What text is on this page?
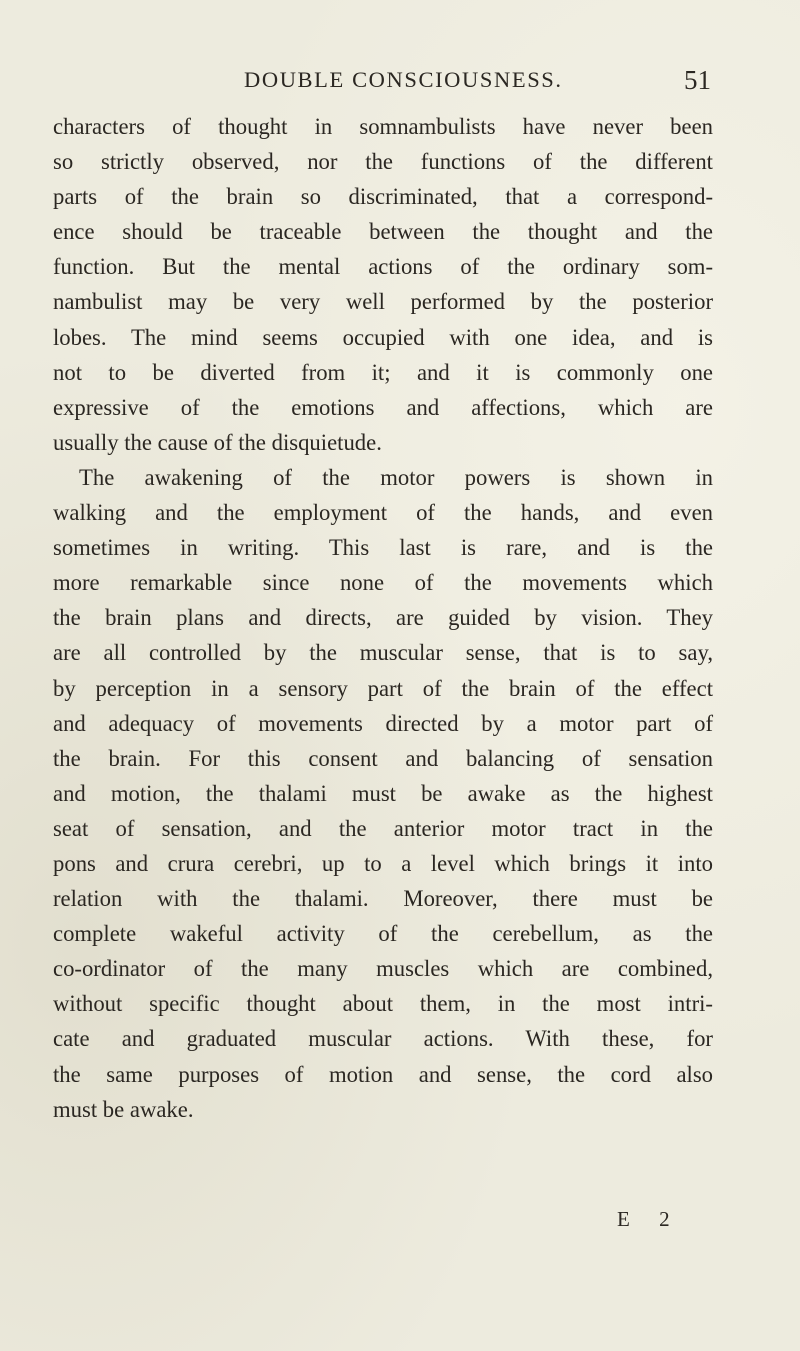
DOUBLE CONSCIOUSNESS.	51
characters of thought in somnambulists have never been
so strictly observed, nor the functions of the different
parts of the brain so discriminated, that a correspond-
ence should be traceable between the thought and the
function. But the mental actions of the ordinary som-
nambulist may be very well performed by the posterior
lobes. The mind seems occupied with one idea, and is
not to be diverted from it; and it is commonly one
expressive of the emotions and affections, which are
usually the cause of the disquietude.
The awakening of the motor powers is shown in
walking and the employment of the hands, and even
sometimes in writing. This last is rare, and is the
more remarkable since none of the movements which
the brain plans and directs, are guided by vision. They
are all controlled by the muscular sense, that is to say,
by perception in a sensory part of the brain of the effect
and adequacy of movements directed by a motor part of
the brain. For this consent and balancing of sensation
and motion, the thalami must be awake as the highest
seat of sensation, and the anterior motor tract in the
pons and crura cerebri, up to a level which brings it into
relation with the thalami. Moreover, there must be
complete wakeful activity of the cerebellum, as the
co-ordinator of the many muscles which are combined,
without specific thought about them, in the most intri-
cate and graduated muscular actions. With these, for
the same purposes of motion and sense, the cord also
must be awake.
E 2
